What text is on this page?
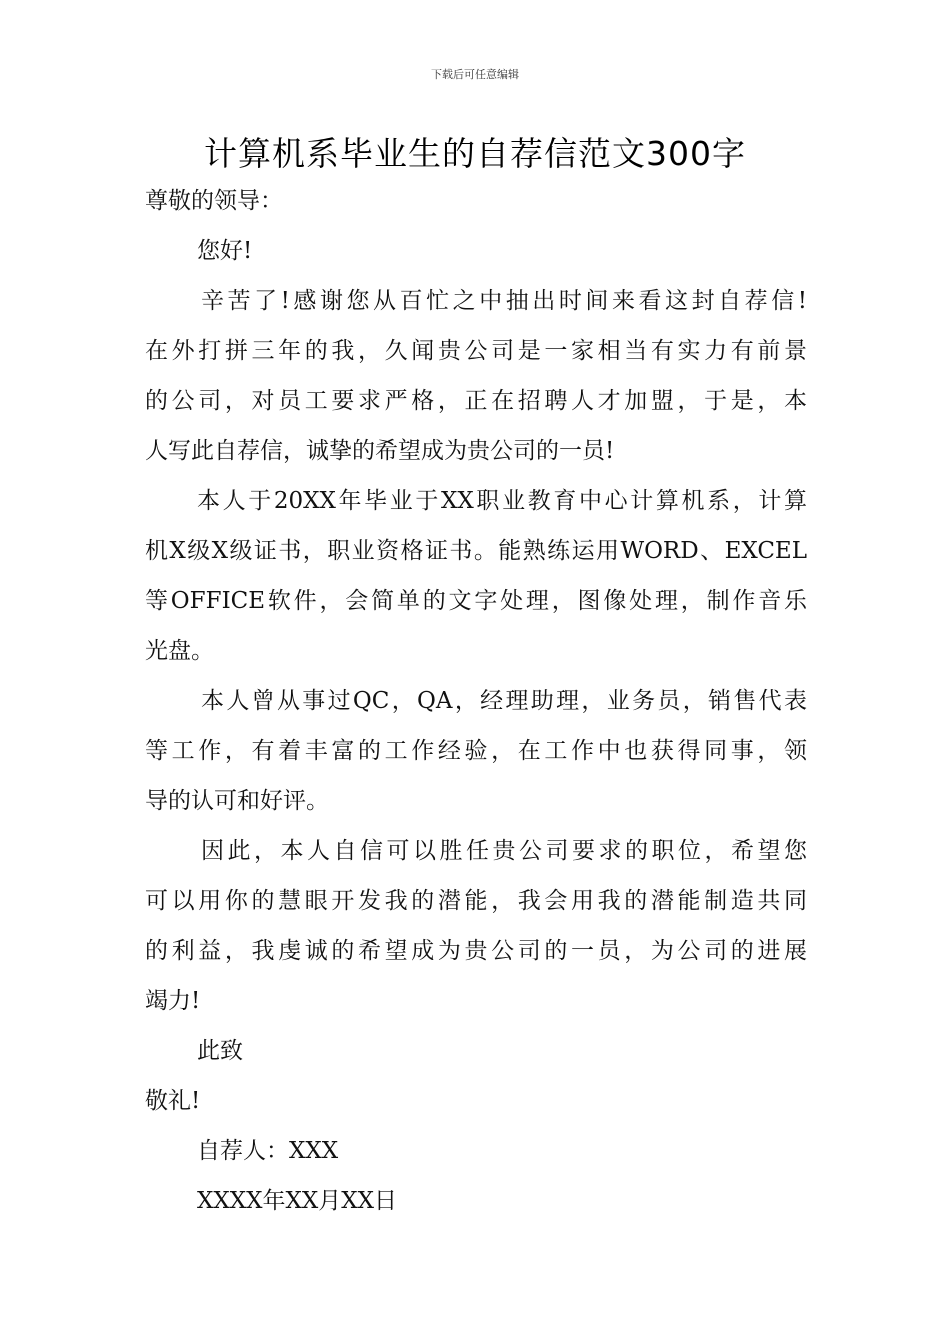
下载后可任意编辑
计算机系毕业生的自荐信范文300字
尊敬的领导：
您好!
辛苦了!感谢您从百忙之中抽出时间来看这封自荐信!
在外打拼三年的我，久闻贵公司是一家相当有实力有前景
的公司，对员工要求严格，正在招聘人才加盟，于是，本
人写此自荐信，诚挚的希望成为贵公司的一员!
本人于20XX年毕业于XX职业教育中心计算机系，计算
机X级X级证书，职业资格证书。能熟练运用WORD、EXCEL
等OFFICE软件，会简单的文字处理，图像处理，制作音乐
光盘。
本人曾从事过QC，QA，经理助理，业务员，销售代表
等工作，有着丰富的工作经验，在工作中也获得同事，领
导的认可和好评。
因此，本人自信可以胜任贵公司要求的职位，希望您
可以用你的慧眼开发我的潜能，我会用我的潜能制造共同
的利益，我虔诚的希望成为贵公司的一员，为公司的进展
竭力!
此致
敬礼!
自荐人：XXX
XXXX年XX月XX日
